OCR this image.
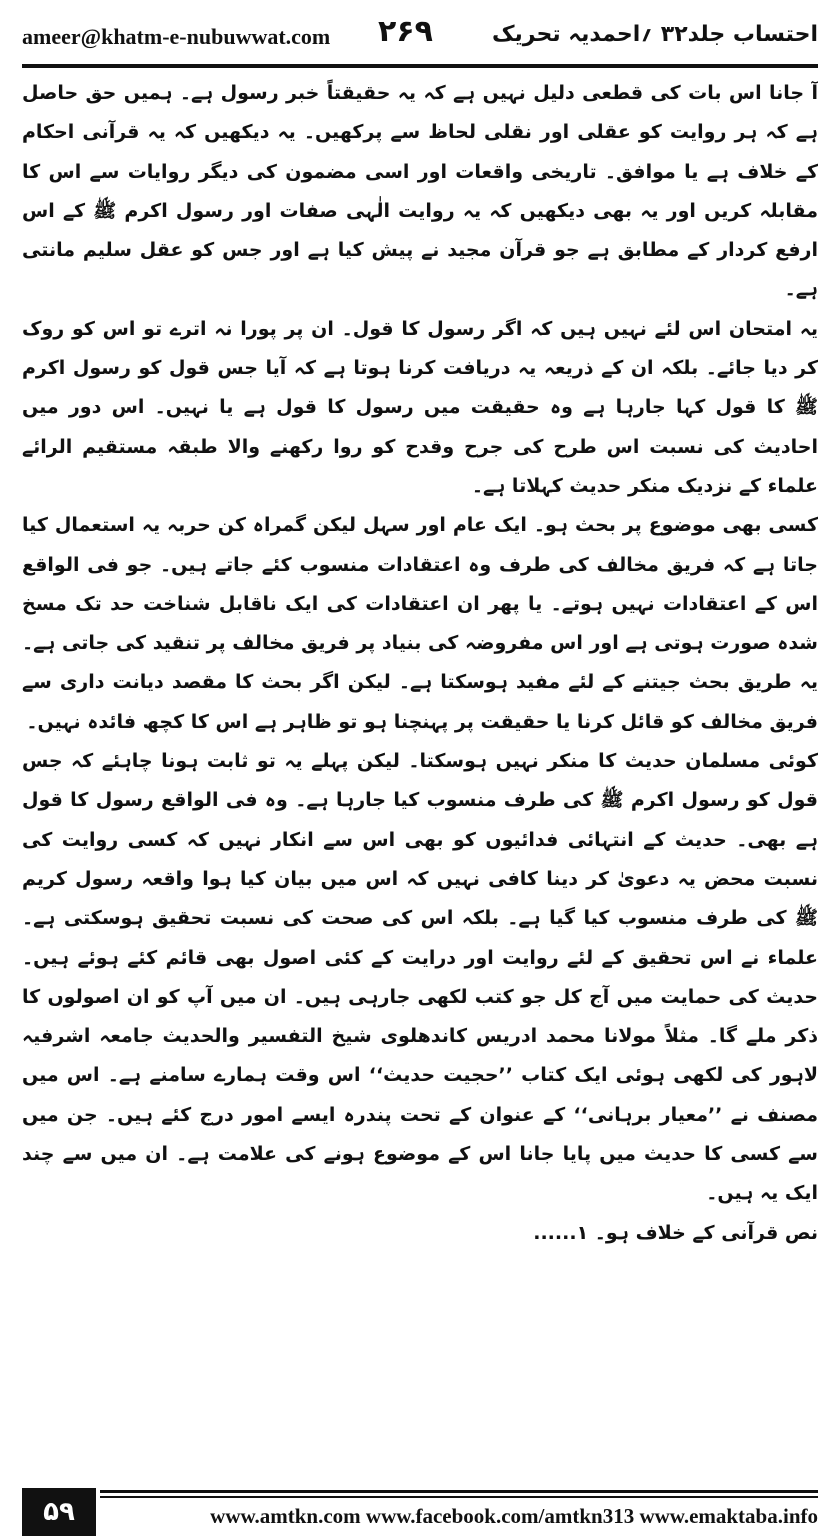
ameer@khatm-e-nubuwwat.com ۲۶۹	احتساب جلد۳۲ ؍احمدیہ تحریک

آ جانا اس بات کی قطعی دلیل نہیں ہے کہ یہ حقیقتاً خبر رسول ہے۔ ہمیں حق حاصل ہے کہ ہر روایت کو عقلی اور نقلی لحاظ سے پرکھیں۔ یہ دیکھیں کہ یہ قرآنی احکام کے خلاف ہے یا موافق۔ تاریخی واقعات اور اسی مضمون کی دیگر روایات سے اس کا مقابلہ کریں اور یہ بھی دیکھیں کہ یہ روایت الٰہی صفات اور رسول اکرم ﷺ کے اس ارفع کردار کے مطابق ہے جو قرآن مجید نے پیش کیا ہے اور جس کو عقل سلیم مانتی ہے۔

یہ امتحان اس لئے نہیں ہیں کہ اگر رسول کا قول۔ ان پر پورا نہ اترے تو اس کو روک کر دیا جائے۔ بلکہ ان کے ذریعہ یہ دریافت کرنا ہوتا ہے کہ آیا جس قول کو رسول اکرم ﷺ کا قول کہا جارہا ہے وہ حقیقت میں رسول کا قول ہے یا نہیں۔ اس دور میں احادیث کی نسبت اس طرح کی جرح وقدح کو روا رکھنے والا طبقہ مستقیم الرائے علماء کے نزدیک منکر حدیث کہلاتا ہے۔

کسی بھی موضوع پر بحث ہو۔ ایک عام اور سہل لیکن گمراہ کن حربہ یہ استعمال کیا جاتا ہے کہ فریق مخالف کی طرف وہ اعتقادات منسوب کئے جاتے ہیں۔ جو فی الواقع اس کے اعتقادات نہیں ہوتے۔ یا پھر ان اعتقادات کی ایک ناقابل شناخت حد تک مسخ شدہ صورت ہوتی ہے اور اس مفروضہ کی بنیاد پر فریق مخالف پر تنقید کی جاتی ہے۔ یہ طریق بحث جیتنے کے لئے مفید ہوسکتا ہے۔ لیکن اگر بحث کا مقصد دیانت داری سے فریق مخالف کو قائل کرنا یا حقیقت پر پہنچنا ہو تو ظاہر ہے اس کا کچھ فائدہ نہیں۔

کوئی مسلمان حدیث کا منکر نہیں ہوسکتا۔ لیکن پہلے یہ تو ثابت ہونا چاہئے کہ جس قول کو رسول اکرم ﷺ کی طرف منسوب کیا جارہا ہے۔ وہ فی الواقع رسول کا قول ہے بھی۔ حدیث کے انتہائی فدائیوں کو بھی اس سے انکار نہیں کہ کسی روایت کی نسبت محض یہ دعویٰ کر دینا کافی نہیں کہ اس میں بیان کیا ہوا واقعہ رسول کریم ﷺ کی طرف منسوب کیا گیا ہے۔ بلکہ اس کی صحت کی نسبت تحقیق ہوسکتی ہے۔ علماء نے اس تحقیق کے لئے روایت اور درایت کے کئی اصول بھی قائم کئے ہوئے ہیں۔ حدیث کی حمایت میں آج کل جو کتب لکھی جارہی ہیں۔ ان میں آپ کو ان اصولوں کا ذکر ملے گا۔ مثلاً مولانا محمد ادریس کاندھلوی شیخ التفسیر والحدیث جامعہ اشرفیہ لاہور کی لکھی ہوئی ایک کتاب ’’حجیت حدیث‘‘ اس وقت ہمارے سامنے ہے۔ اس میں مصنف نے ’’معیار برہانی‘‘ کے عنوان کے تحت پندرہ ایسے امور درج کئے ہیں۔ جن میں سے کسی کا حدیث میں پایا جانا اس کے موضوع ہونے کی علامت ہے۔ ان میں سے چند ایک یہ ہیں۔

نص قرآنی کے خلاف ہو۔ ۱......
۵۹	www.amtkn.com www.facebook.com/amtkn313 www.emaktaba.info
